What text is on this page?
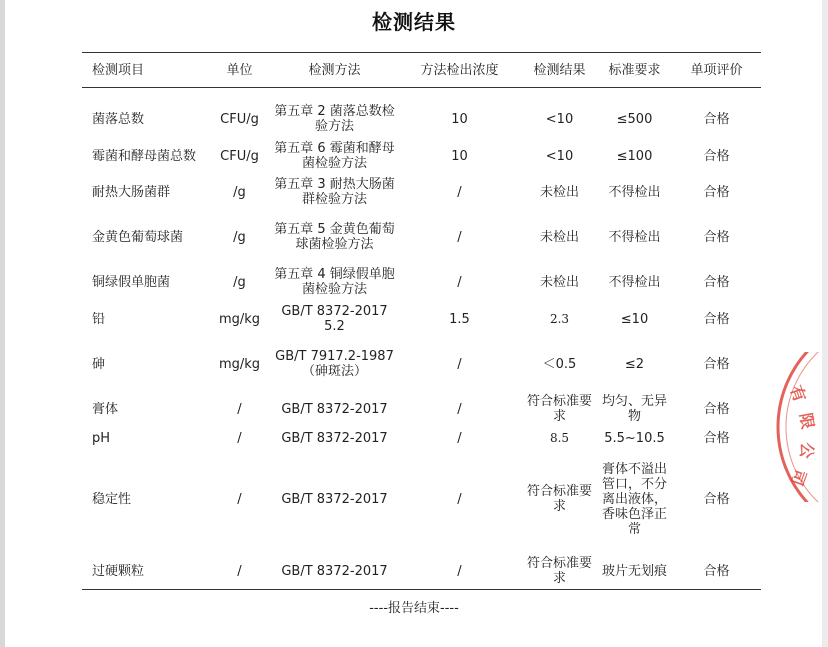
检测结果
检测项目	单位	检测方法	方法检出浓度	检测结果	标准要求	单项评价

菌落总数	CFU/g	第五章 2 菌落总数检验方法	10	<10	≤500	合格
霉菌和酵母菌总数	CFU/g	第五章 6 霉菌和酵母菌检验方法	10	<10	≤100	合格
耐热大肠菌群	/g	第五章 3 耐热大肠菌群检验方法	/	未检出	不得检出	合格
金黄色葡萄球菌	/g	第五章 5 金黄色葡萄球菌检验方法	/	未检出	不得检出	合格
铜绿假单胞菌	/g	第五章 4 铜绿假单胞菌检验方法	/	未检出	不得检出	合格
铅	mg/kg	GB/T 8372-2017 5.2	1.5	2.3	≤10	合格
砷	mg/kg	GB/T 7917.2-1987（砷斑法）	/	＜0.5	≤2	合格
膏体	/	GB/T 8372-2017	/	符合标准要求	均匀、无异物	合格
pH	/	GB/T 8372-2017	/	8.5	5.5~10.5	合格
稳定性	/	GB/T 8372-2017	/	符合标准要求	膏体不溢出管口，不分离出液体，香味色泽正常	合格
过硬颗粒	/	GB/T 8372-2017	/	符合标准要求	玻片无划痕	合格
----报告结束----
有
限
公
司
